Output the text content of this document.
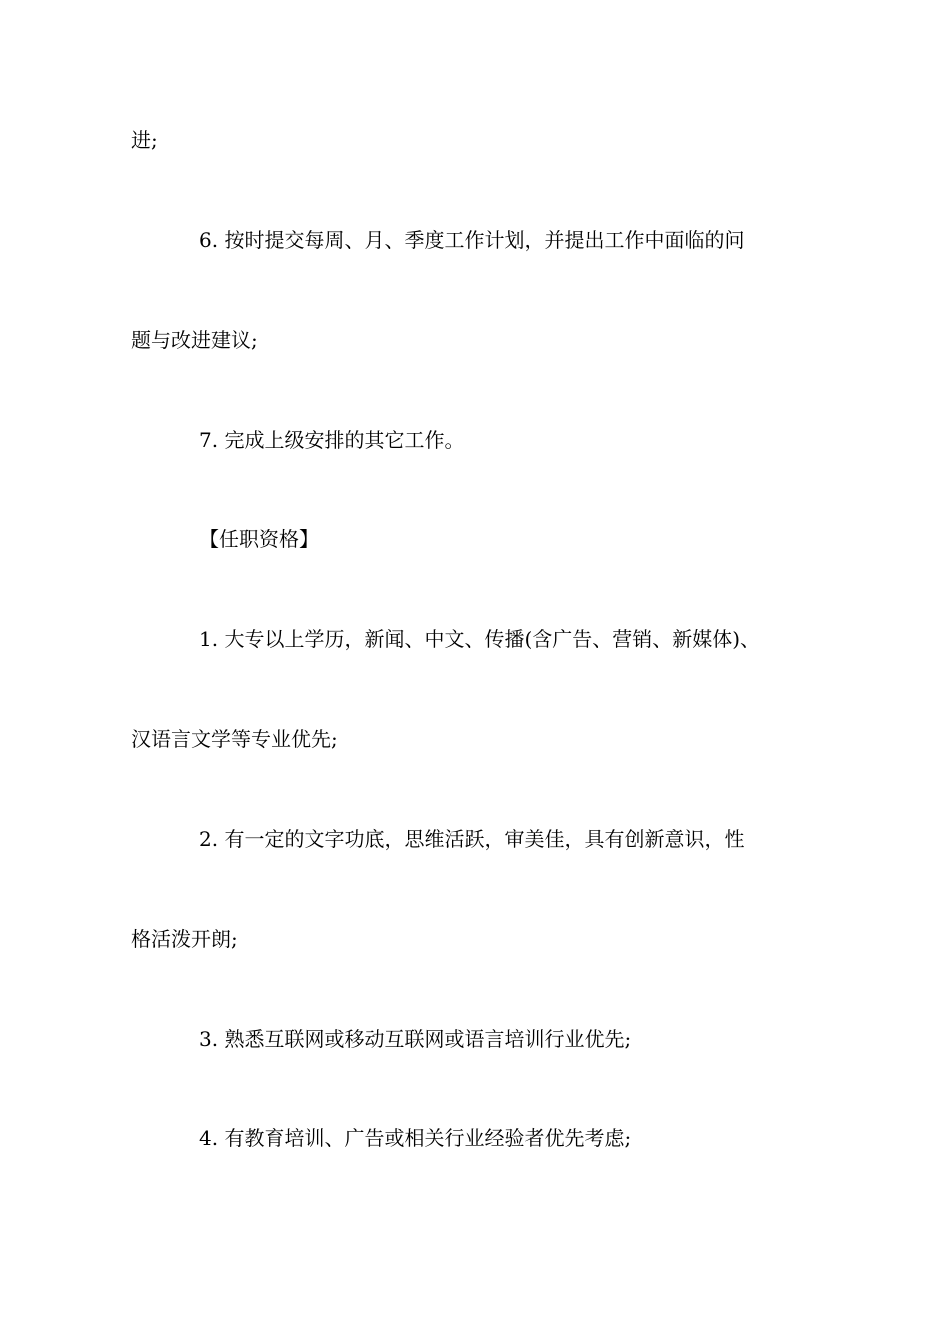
进;
6. 按时提交每周、月、季度工作计划，并提出工作中面临的问
题与改进建议;
7. 完成上级安排的其它工作。
【任职资格】
1. 大专以上学历，新闻、中文、传播(含广告、营销、新媒体)、
汉语言文学等专业优先;
2. 有一定的文字功底，思维活跃，审美佳，具有创新意识，性
格活泼开朗;
3. 熟悉互联网或移动互联网或语言培训行业优先;
4. 有教育培训、广告或相关行业经验者优先考虑;
